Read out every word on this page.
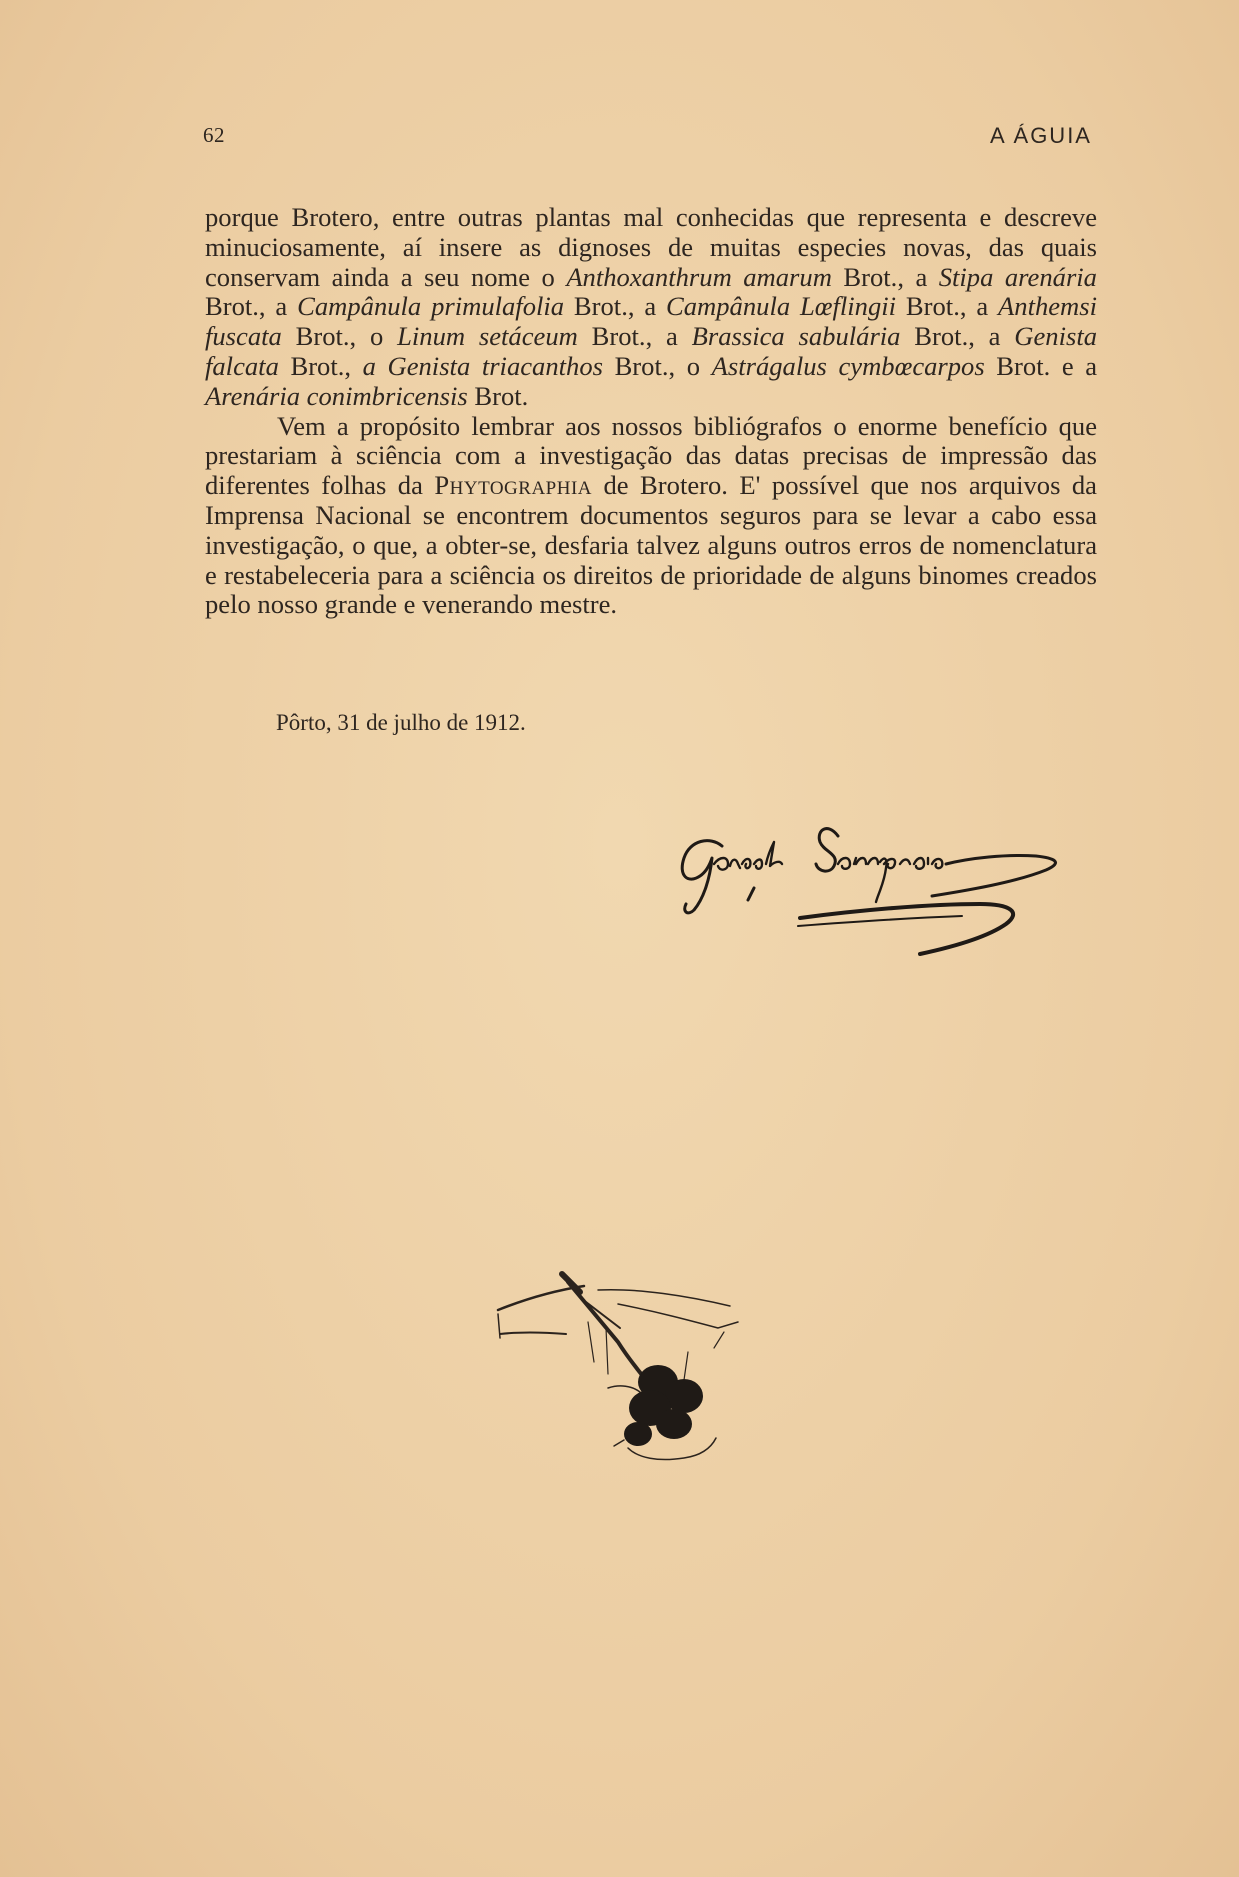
62	A ÁGUIA

porque Brotero, entre outras plantas mal conhecidas que representa e descreve minuciosamente, aí insere as dignoses de muitas especies novas, das quais conservam ainda a seu nome o Anthoxanthrum amarum Brot., a Stipa arenária Brot., a Campânula primulafolia Brot., a Campânula Lœflingii Brot., a Anthemsi fuscata Brot., o Linum setáceum Brot., a Brassica sabulária Brot., a Genista falcata Brot., a Genista triacanthos Brot., o Astrágalus cymbœcarpos Brot. e a Arenária conimbricensis Brot.

Vem a propósito lembrar aos nossos bibliógrafos o enorme benefício que prestariam à sciência com a investigação das datas precisas de impressão das diferentes folhas da Phytographia de Brotero. E' possível que nos arquivos da Imprensa Nacional se encontrem documentos seguros para se levar a cabo essa investigação, o que, a obter-se, desfaria talvez alguns outros erros de nomenclatura e restabeleceria para a sciência os direitos de prioridade de alguns binomes creados pelo nosso grande e venerando mestre.

Pôrto, 31 de julho de 1912.
